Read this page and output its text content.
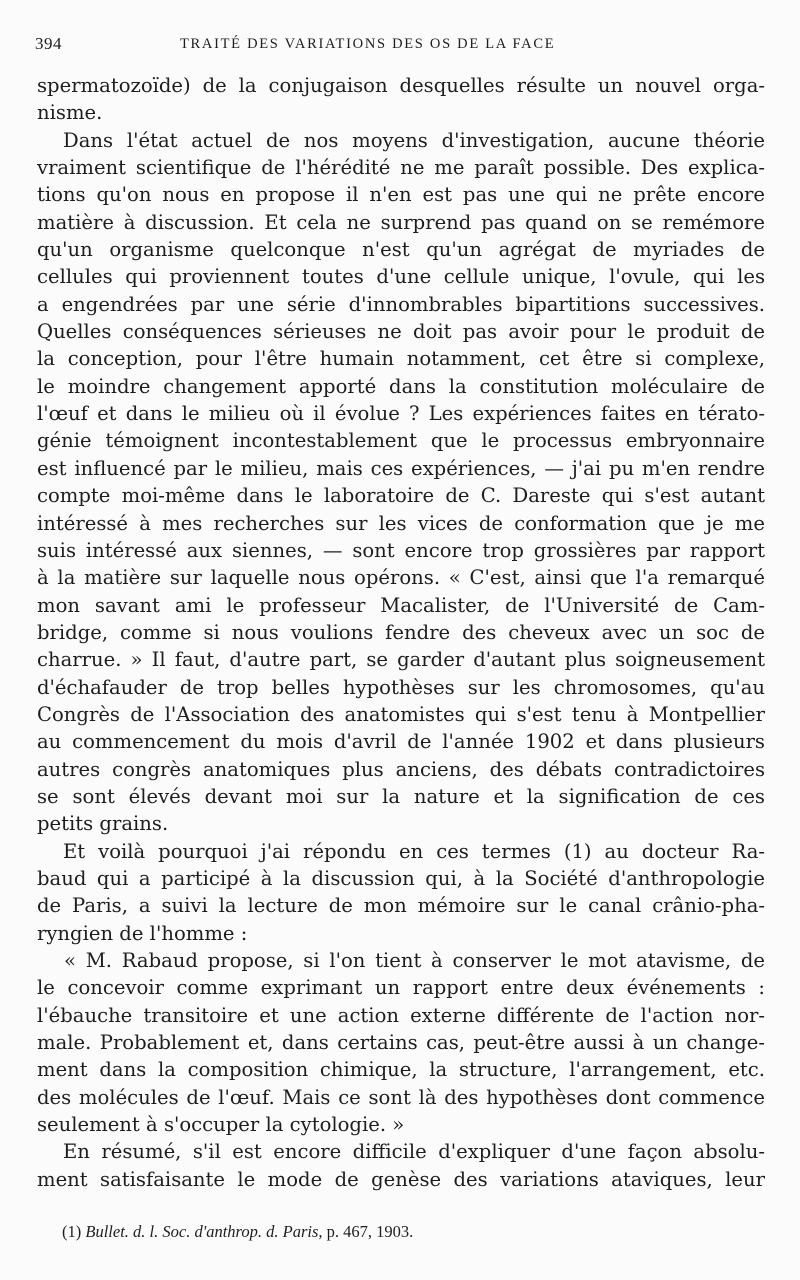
394	TRAITÉ DES VARIATIONS DES OS DE LA FACE
spermatozoïde) de la conjugaison desquelles résulte un nouvel orga-
nisme.
Dans l'état actuel de nos moyens d'investigation, aucune théorie
vraiment scientifique de l'hérédité ne me paraît possible. Des explica-
tions qu'on nous en propose il n'en est pas une qui ne prête encore
matière à discussion. Et cela ne surprend pas quand on se remémore
qu'un organisme quelconque n'est qu'un agrégat de myriades de
cellules qui proviennent toutes d'une cellule unique, l'ovule, qui les
a engendrées par une série d'innombrables bipartitions successives.
Quelles conséquences sérieuses ne doit pas avoir pour le produit de
la conception, pour l'être humain notamment, cet être si complexe,
le moindre changement apporté dans la constitution moléculaire de
l'œuf et dans le milieu où il évolue ? Les expériences faites en térato-
génie témoignent incontestablement que le processus embryonnaire
est influencé par le milieu, mais ces expériences, — j'ai pu m'en rendre
compte moi-même dans le laboratoire de C. Dareste qui s'est autant
intéressé à mes recherches sur les vices de conformation que je me
suis intéressé aux siennes, — sont encore trop grossières par rapport
à la matière sur laquelle nous opérons. « C'est, ainsi que l'a remarqué
mon savant ami le professeur Macalister, de l'Université de Cam-
bridge, comme si nous voulions fendre des cheveux avec un soc de
charrue. » Il faut, d'autre part, se garder d'autant plus soigneusement
d'échafauder de trop belles hypothèses sur les chromosomes, qu'au
Congrès de l'Association des anatomistes qui s'est tenu à Montpellier
au commencement du mois d'avril de l'année 1902 et dans plusieurs
autres congrès anatomiques plus anciens, des débats contradictoires
se sont élevés devant moi sur la nature et la signification de ces
petits grains.
Et voilà pourquoi j'ai répondu en ces termes (1) au docteur Ra-
baud qui a participé à la discussion qui, à la Société d'anthropologie
de Paris, a suivi la lecture de mon mémoire sur le canal crânio-pha-
ryngien de l'homme :
« M. Rabaud propose, si l'on tient à conserver le mot atavisme, de
le concevoir comme exprimant un rapport entre deux événements :
l'ébauche transitoire et une action externe différente de l'action nor-
male. Probablement et, dans certains cas, peut-être aussi à un change-
ment dans la composition chimique, la structure, l'arrangement, etc.
des molécules de l'œuf. Mais ce sont là des hypothèses dont commence
seulement à s'occuper la cytologie. »
En résumé, s'il est encore difficile d'expliquer d'une façon absolu-
ment satisfaisante le mode de genèse des variations ataviques, leur
(1) Bullet. d. l. Soc. d'anthrop. d. Paris, p. 467, 1903.
